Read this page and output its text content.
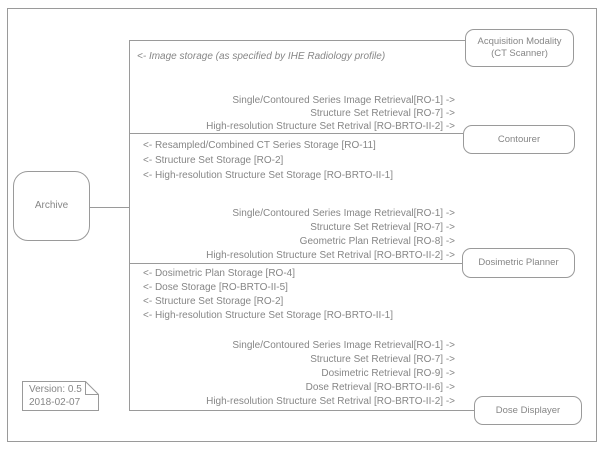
Archive
Acquisition Modality
(CT Scanner)
Contourer
Dosimetric Planner
Dose Displayer
<- Image storage (as specified by IHE Radiology profile)
Single/Contoured Series Image Retrieval[RO-1] ->
Structure Set Retrieval [RO-7] ->
High-resolution Structure Set Retrival [RO-BRTO-II-2] ->
<- Resampled/Combined CT Series Storage [RO-11]
<- Structure Set Storage [RO-2]
<- High-resolution Structure Set Storage [RO-BRTO-II-1]
Single/Contoured Series Image Retrieval[RO-1] ->
Structure Set Retrieval [RO-7] ->
Geometric Plan Retrieval [RO-8] ->
High-resolution Structure Set Retrival [RO-BRTO-II-2] ->
<- Dosimetric Plan Storage [RO-4]
<- Dose Storage [RO-BRTO-II-5]
<- Structure Set Storage [RO-2]
<- High-resolution Structure Set Storage [RO-BRTO-II-1]
Single/Contoured Series Image Retrieval[RO-1] ->
Structure Set Retrieval [RO-7] ->
Dosimetric Retrieval [RO-9] ->
Dose Retrieval [RO-BRTO-II-6] ->
High-resolution Structure Set Retrival [RO-BRTO-II-2] ->
Version: 0.5
2018-02-07
